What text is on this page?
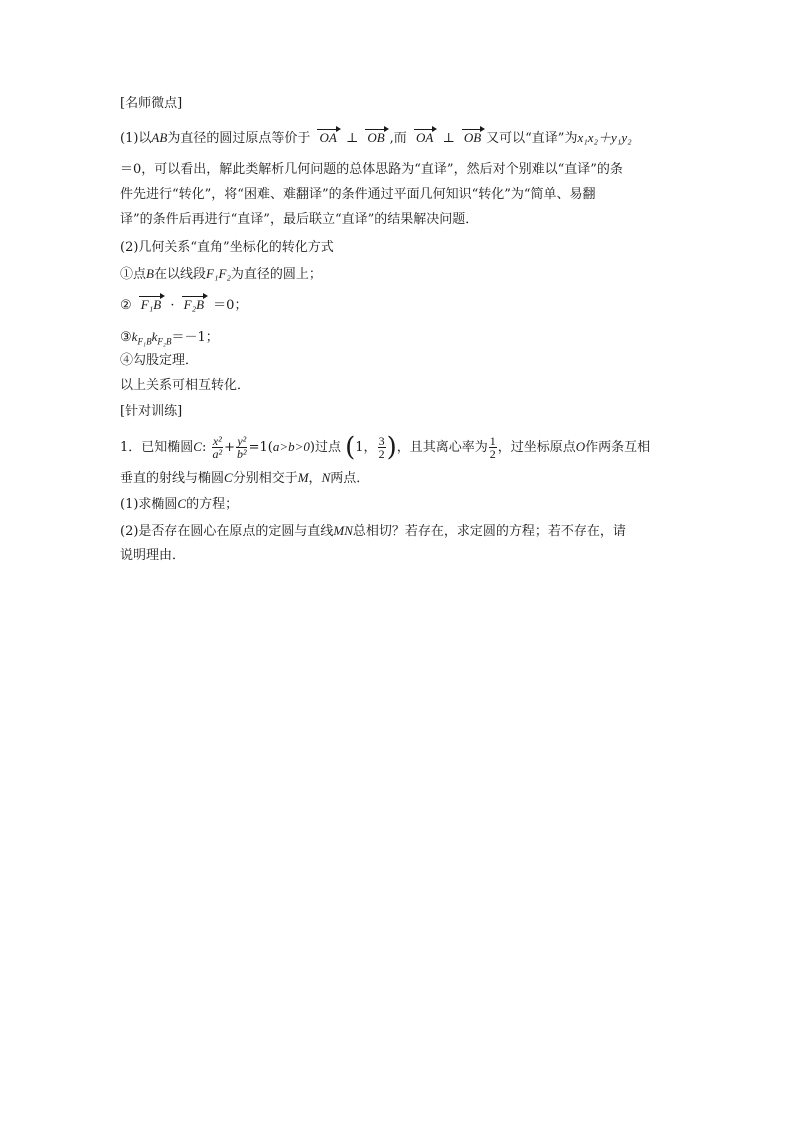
[名师微点]
(1)以AB为直径的圆过原点等价于 OA ⊥ OB ,而 OA ⊥ OB 又可以“直译”为x₁x₂＋y₁y₂
＝0，可以看出，解此类解析几何问题的总体思路为“直译”，然后对个别难以“直译”的条
件先进行“转化”，将“困难、难翻译”的条件通过平面几何知识“转化”为“简单、易翻
译”的条件后再进行“直译”，最后联立“直译”的结果解决问题．
(2)几何关系“直角”坐标化的转化方式
①点B在以线段F₁F₂为直径的圆上；
② F₁B · F₂B ＝0；
$③k_{F_1B}k_{F_2B}=-1$；
④勾股定理．
以上关系可相互转化．
[针对训练]
1．已知椭圆C: $\frac{\text{x²}}{\text{a²}} + \frac{\text{y²}}{\text{b²}} =1(a>b>0)$过点 (1， $\frac{3}{2}$ )，且其离心率为 $\frac{1}{2}$ ，过坐标原点O作两条互相
垂直的射线与椭圆C分别相交于M，N两点．
(1)求椭圆C的方程；
(2)是否存在圆心在原点的定圆与直线MN总相切？若存在，求定圆的方程；若不存在，请
说明理由．
